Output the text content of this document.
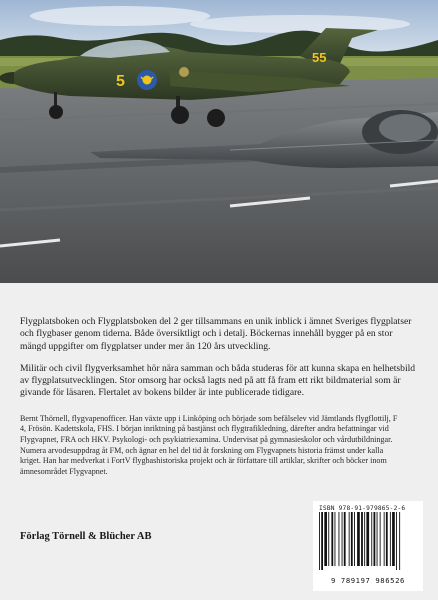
5
55

Flygplatsboken och Flygplatsboken del 2 ger tillsammans en unik inblick i ämnet Sveriges flygplatser och flygbaser genom tiderna. Både översiktligt och i detalj. Böckernas innehåll bygger på en stor mängd uppgifter om flygplatser under mer än 120 års utveckling.

Militär och civil flygverksamhet hör nära samman och båda studeras för att kunna skapa en helhetsbild av flygplatsutvecklingen. Stor omsorg har också lagts ned på att få fram ett rikt bildmaterial som är givande för läsaren. Flertalet av bokens bilder är inte publicerade tidigare.

Bernt Thörnell, flygvapenofficer. Han växte upp i Linköping och började som befälselev vid Jämtlands flygflottilj, F 4, Frösön. Kadettskola, FHS. I början inriktning på bastjänst och flygtrafikledning, därefter andra befattningar vid Flygvapnet, FRA och HKV. Psykologi- och psykiatriexamina. Undervisat på gymnasieskolor och vårdutbildningar. Numera arvodesuppdrag åt FM, och ägnar en hel del tid åt forskning om Flygvapnets historia främst under kalla kriget. Han har medverkat i FortV flygbashistoriska projekt och är författare till artiklar, skrifter och böcker inom ämnesområdet Flygvapnet.

Förlag Törnell & Blücher AB
ISBN 978-91-979865-2-6
9 789197 986526
